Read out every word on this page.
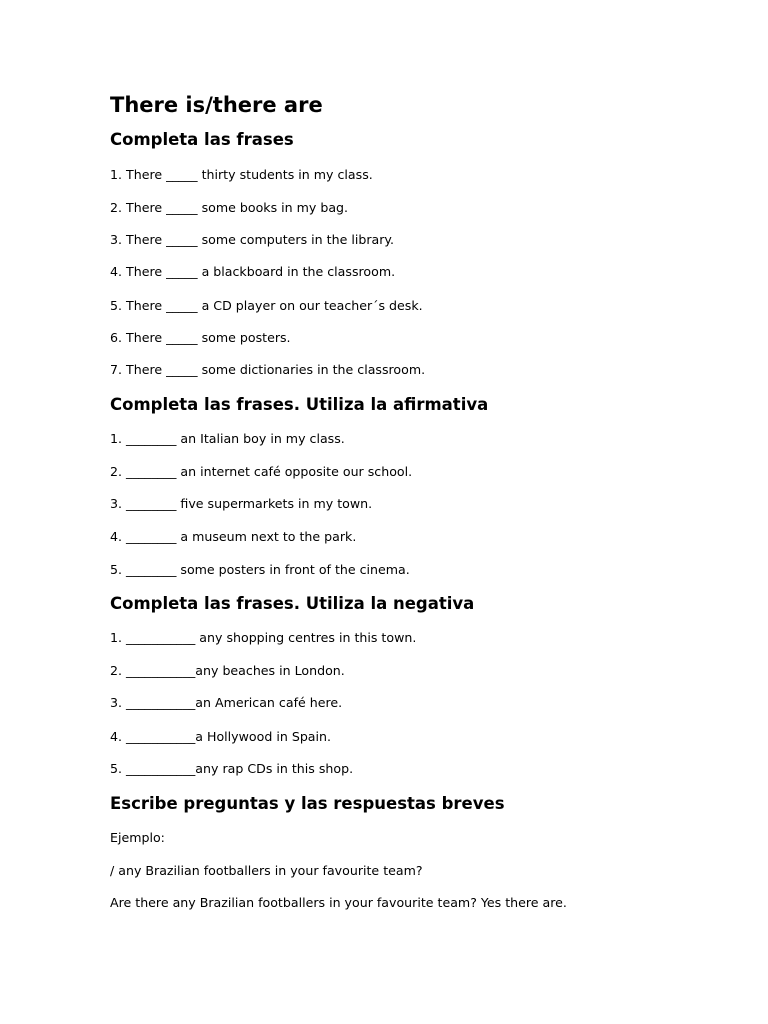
There is/there are
Completa las frases

1. There _____ thirty students in my class.

2. There _____ some books in my bag.

3. There _____ some computers in the library.

4. There _____ a blackboard in the classroom.

5. There _____ a CD player on our teacher´s desk.

6. There _____ some posters.

7. There _____ some dictionaries in the classroom.

Completa las frases. Utiliza la afirmativa

1. ________ an Italian boy in my class.

2. ________ an internet café opposite our school.

3. ________ five supermarkets in my town.

4. ________ a museum next to the park.

5. ________ some posters in front of the cinema.

Completa las frases. Utiliza la negativa

1. ___________ any shopping centres in this town.

2. ___________any beaches in London.

3. ___________an American café here.

4. ___________a Hollywood in Spain.

5. ___________any rap CDs in this shop.

Escribe preguntas y las respuestas breves

Ejemplo:

/ any Brazilian footballers in your favourite team?

Are there any Brazilian footballers in your favourite team? Yes there are.
